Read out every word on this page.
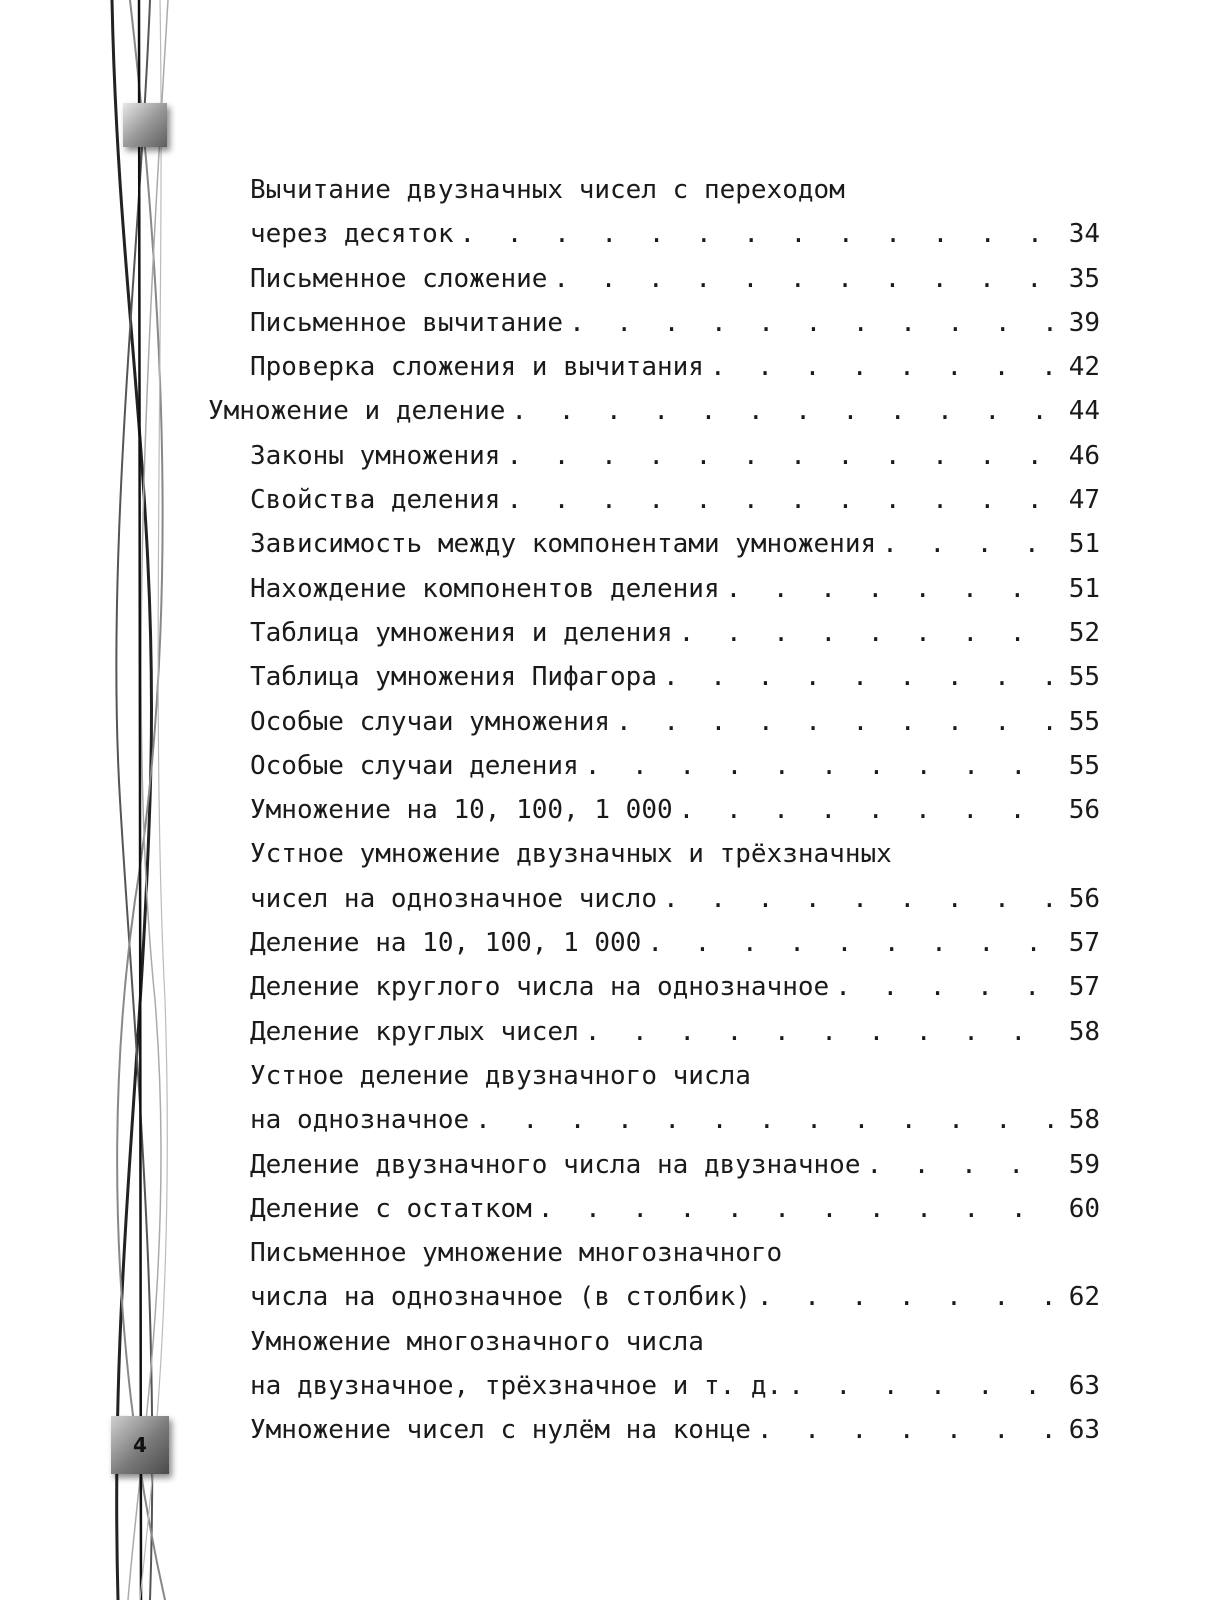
4
Вычитание двузначных чисел с переходом
через десяток . . .	34
Письменное сложение . . .	35
Письменное вычитание . . .	39
Проверка сложения и вычитания . . .	42
Умножение и деление . . .	44
Законы умножения . . .	46
Свойства деления . . .	47
Зависимость между компонентами умножения . . .	51
Нахождение компонентов деления . . .	51
Таблица умножения и деления . . .	52
Таблица умножения Пифагора . . .	55
Особые случаи умножения . . .	55
Особые случаи деления . . .	55
Умножение на 10, 100, 1 000 . . .	56
Устное умножение двузначных и трёхзначных
чисел на однозначное число . . .	56
Деление на 10, 100, 1 000 . . .	57
Деление круглого числа на однозначное . . .	57
Деление круглых чисел . . .	58
Устное деление двузначного числа
на однозначное . . .	58
Деление двузначного числа на двузначное . . .	59
Деление с остатком . . .	60
Письменное умножение многозначного
числа на однозначное (в столбик) . . .	62
Умножение многозначного числа
на двузначное, трёхзначное и т. д. . . .	63
Умножение чисел с нулём на конце . . .	63
